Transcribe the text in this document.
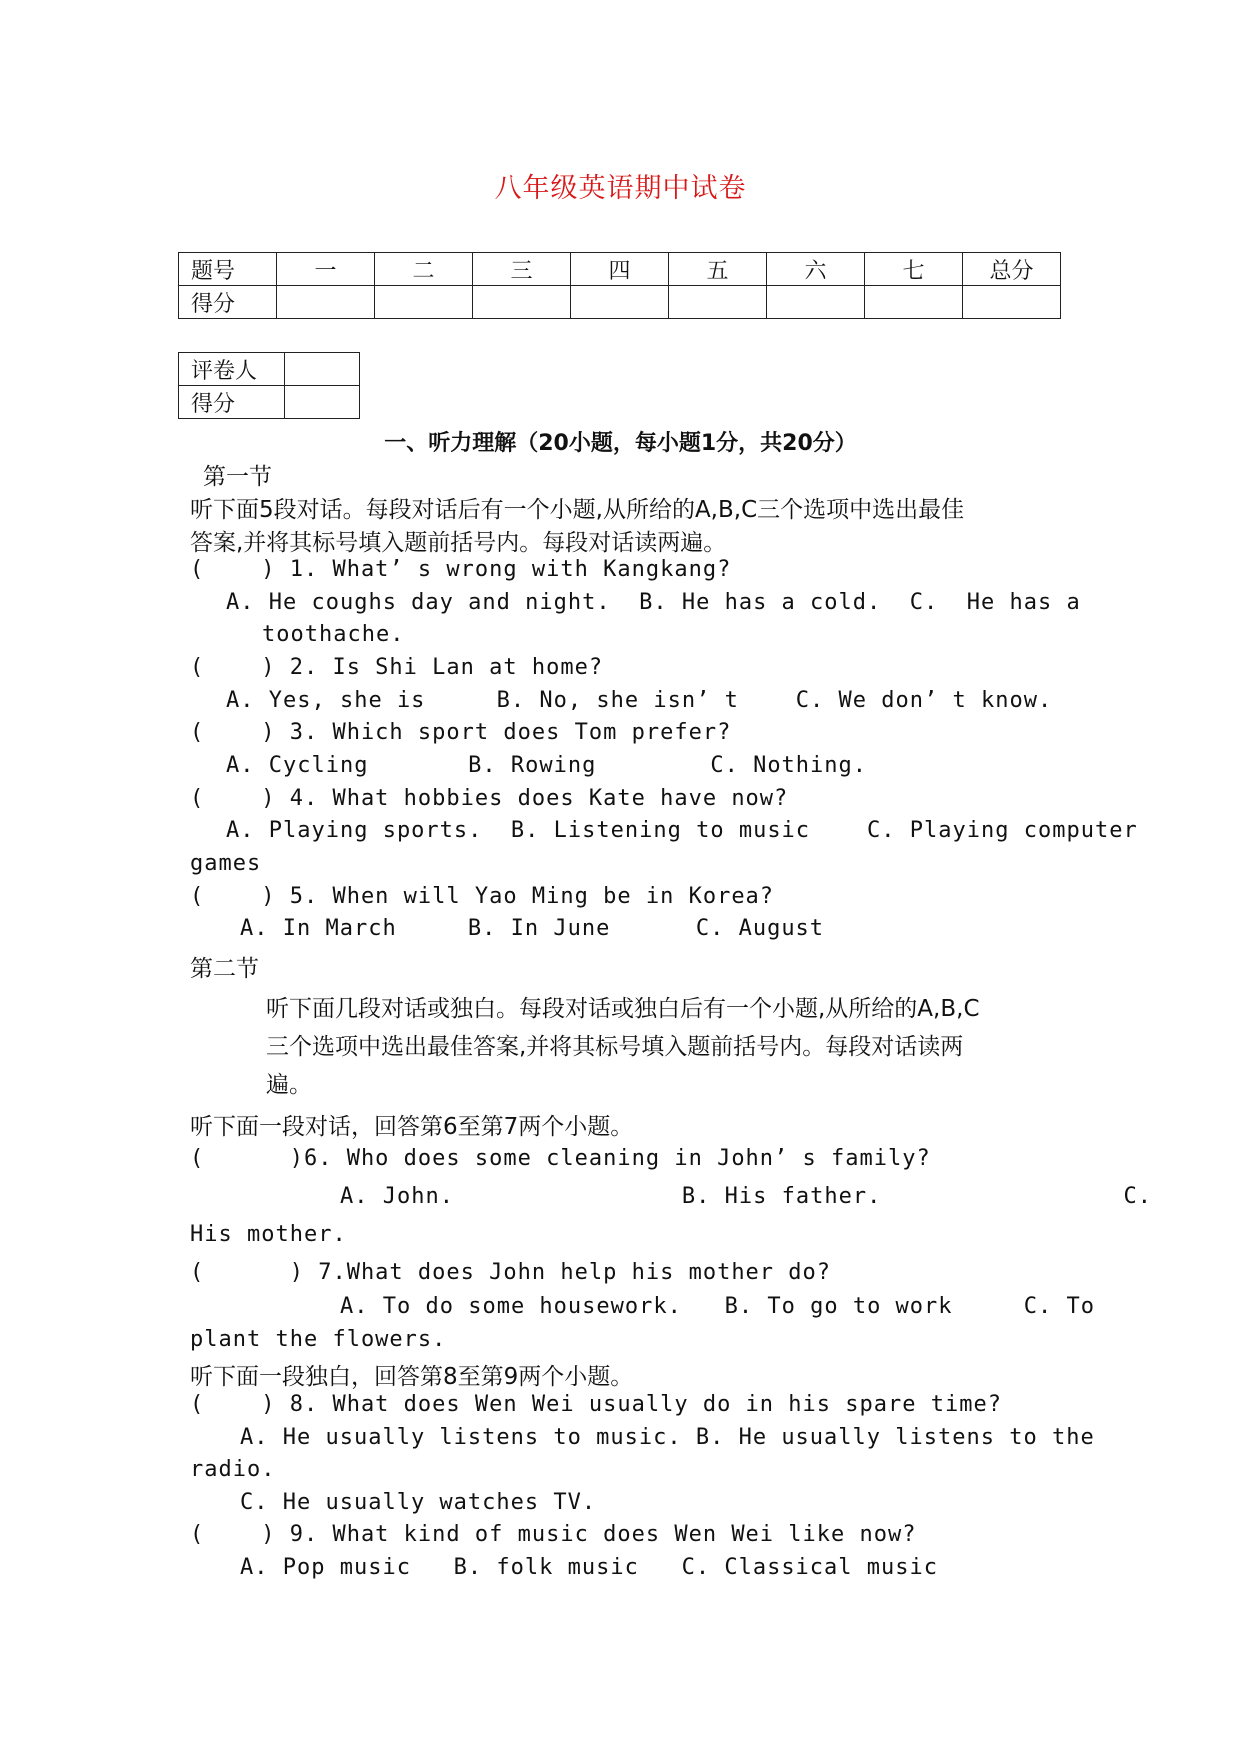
八年级英语期中试卷
题号	一	二	三	四	五	六	七	总分
得分								
评卷人	
得分	
一、听力理解（20小题，每小题1分，共20分）
第一节
听下面5段对话。每段对话后有一个小题,从所给的A,B,C三个选项中选出最佳
答案,并将其标号填入题前括号内。每段对话读两遍。
(    ) 1. What’ s wrong with Kangkang?
A. He coughs day and night.  B. He has a cold.  C.  He has a
toothache.
(    ) 2. Is Shi Lan at home?
A. Yes, she is     B. No, she isn’ t    C. We don’ t know.
(    ) 3. Which sport does Tom prefer?
A. Cycling       B. Rowing        C. Nothing.
(    ) 4. What hobbies does Kate have now?
A. Playing sports.  B. Listening to music    C. Playing computer
games
(    ) 5. When will Yao Ming be in Korea?
A. In March     B. In June      C. August
第二节
听下面几段对话或独白。每段对话或独白后有一个小题,从所给的A,B,C
三个选项中选出最佳答案,并将其标号填入题前括号内。每段对话读两
遍。
听下面一段对话，回答第6至第7两个小题。
(      )6. Who does some cleaning in John’ s family?
A. John.                B. His father.                 C.
His mother.
(      ) 7.What does John help his mother do?
A. To do some housework.   B. To go to work     C. To
plant the flowers.
听下面一段独白，回答第8至第9两个小题。
(    ) 8. What does Wen Wei usually do in his spare time?
A. He usually listens to music. B. He usually listens to the
radio.
C. He usually watches TV.
(    ) 9. What kind of music does Wen Wei like now?
A. Pop music   B. folk music   C. Classical music
